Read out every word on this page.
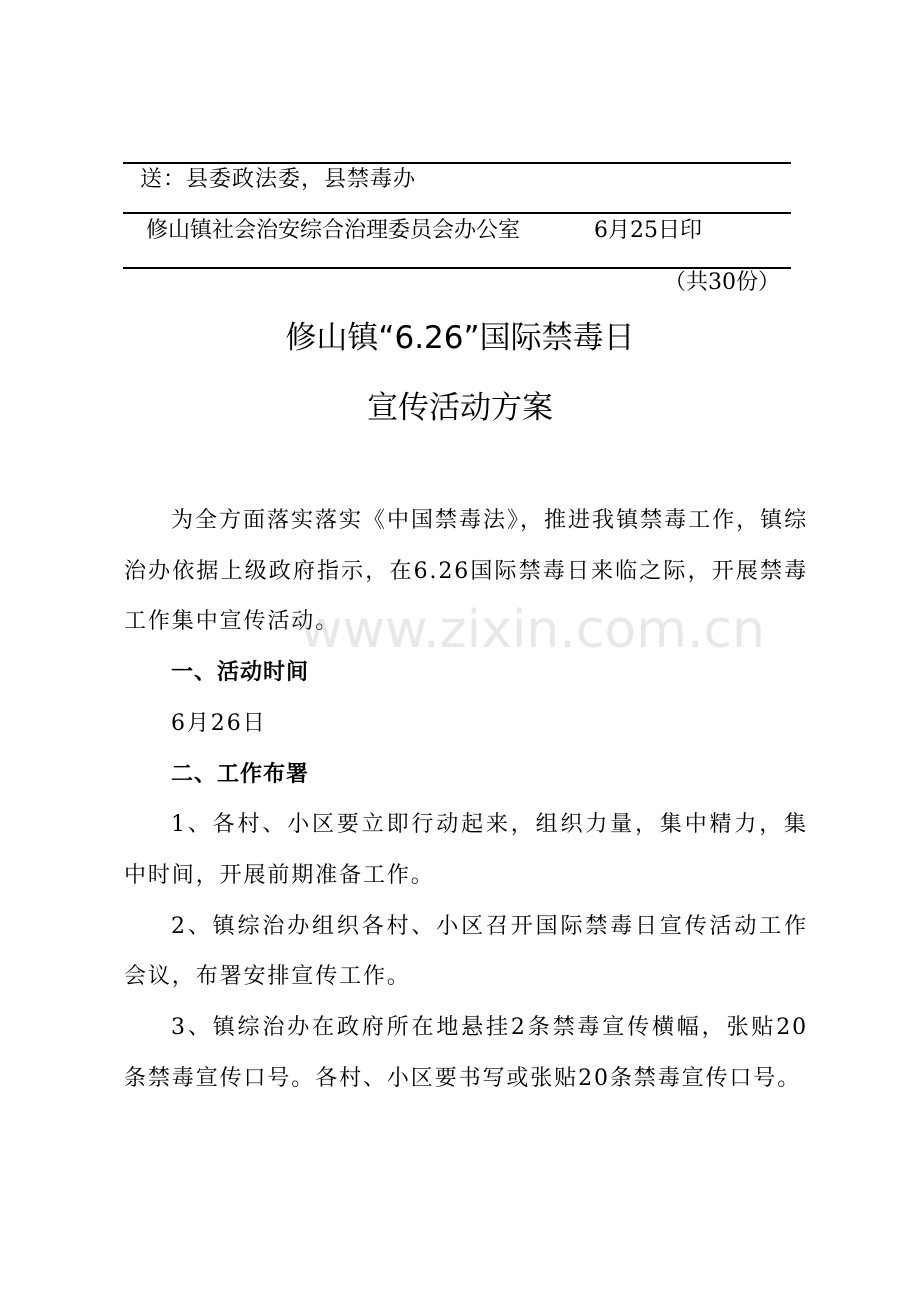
送：县委政法委，县禁毒办
修山镇社会治安综合治理委员会办公室	6月25日印
（共30份）
修山镇“6.26”国际禁毒日
宣传活动方案

为全方面落实落实《中国禁毒法》，推进我镇禁毒工作，镇综治办依据上级政府指示，在6.26国际禁毒日来临之际，开展禁毒工作集中宣传活动。

一、活动时间

6月26日

二、工作布署

1、各村、小区要立即行动起来，组织力量，集中精力，集中时间，开展前期准备工作。

2、镇综治办组织各村、小区召开国际禁毒日宣传活动工作会议，布署安排宣传工作。

3、镇综治办在政府所在地悬挂2条禁毒宣传横幅，张贴20条禁毒宣传口号。各村、小区要书写或张贴20条禁毒宣传口号。

www.zixin.com.cn
